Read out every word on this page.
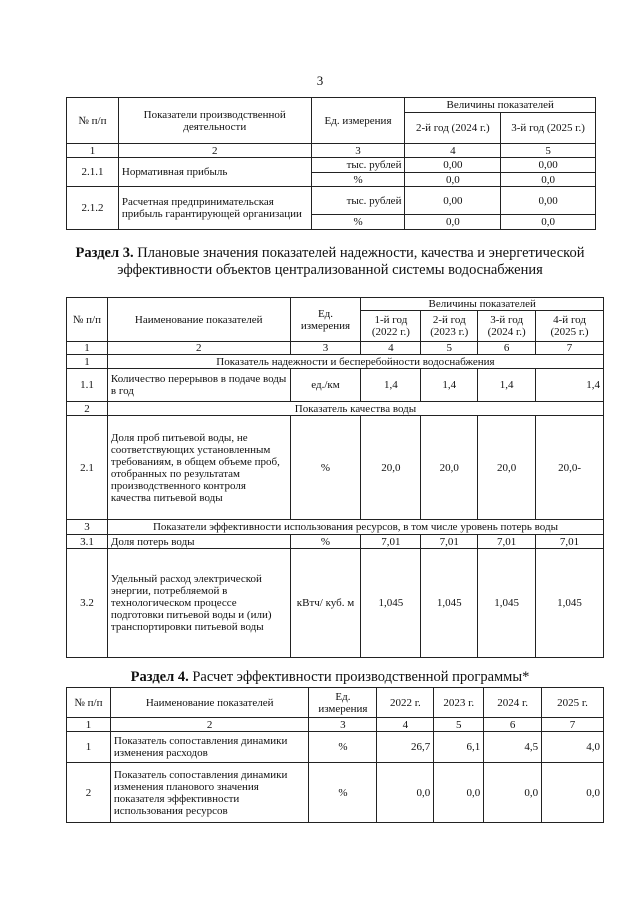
3
№ п/п	Показатели производственной деятельности	Ед. измерения	Величины показателей	
			2-й год (2024 г.)	3-й год (2025 г.)
1	2	3	4	5
2.1.1	Нормативная прибыль	тыс. рублей	0,00	0,00
		%	0,0	0,0
2.1.2	Расчетная предпринимательская прибыль гарантирующей организации	тыс. рублей	0,00	0,00
		%	0,0	0,0
Раздел 3. Плановые значения показателей надежности, качества и энергетической эффективности объектов централизованной системы водоснабжения
№ п/п	Наименование показателей	Ед. измерения	Величины показателей			
			1-й год (2022 г.)	2-й год (2023 г.)	3-й год (2024 г.)	4-й год (2025 г.)
1	2	3	4	5	6	7
1	Показатель надежности и бесперебойности водоснабжения					
1.1	Количество перерывов в подаче воды в год	ед./км	1,4	1,4	1,4	1,4
2	Показатель качества воды					
2.1	Доля проб питьевой воды, не соответствующих установленным требованиям, в общем объеме проб, отобранных по результатам производственного контроля качества питьевой воды	%	20,0	20,0	20,0	20,0-
3	Показатели эффективности использования ресурсов, в том числе уровень потерь воды					
3.1	Доля потерь воды	%	7,01	7,01	7,01	7,01
3.2	Удельный расход электрической энергии, потребляемой в технологическом процессе подготовки питьевой воды и (или) транспортировки питьевой воды	кВтч/ куб. м	1,045	1,045	1,045	1,045
Раздел 4. Расчет эффективности производственной программы*
№ п/п	Наименование показателей	Ед. измерения	2022 г.	2023 г.	2024 г.	2025 г.
1	2	3	4	5	6	7
1	Показатель сопоставления динамики изменения расходов	%	26,7	6,1	4,5	4,0
2	Показатель сопоставления динамики изменения планового значения показателя эффективности использования ресурсов	%	0,0	0,0	0,0	0,0
